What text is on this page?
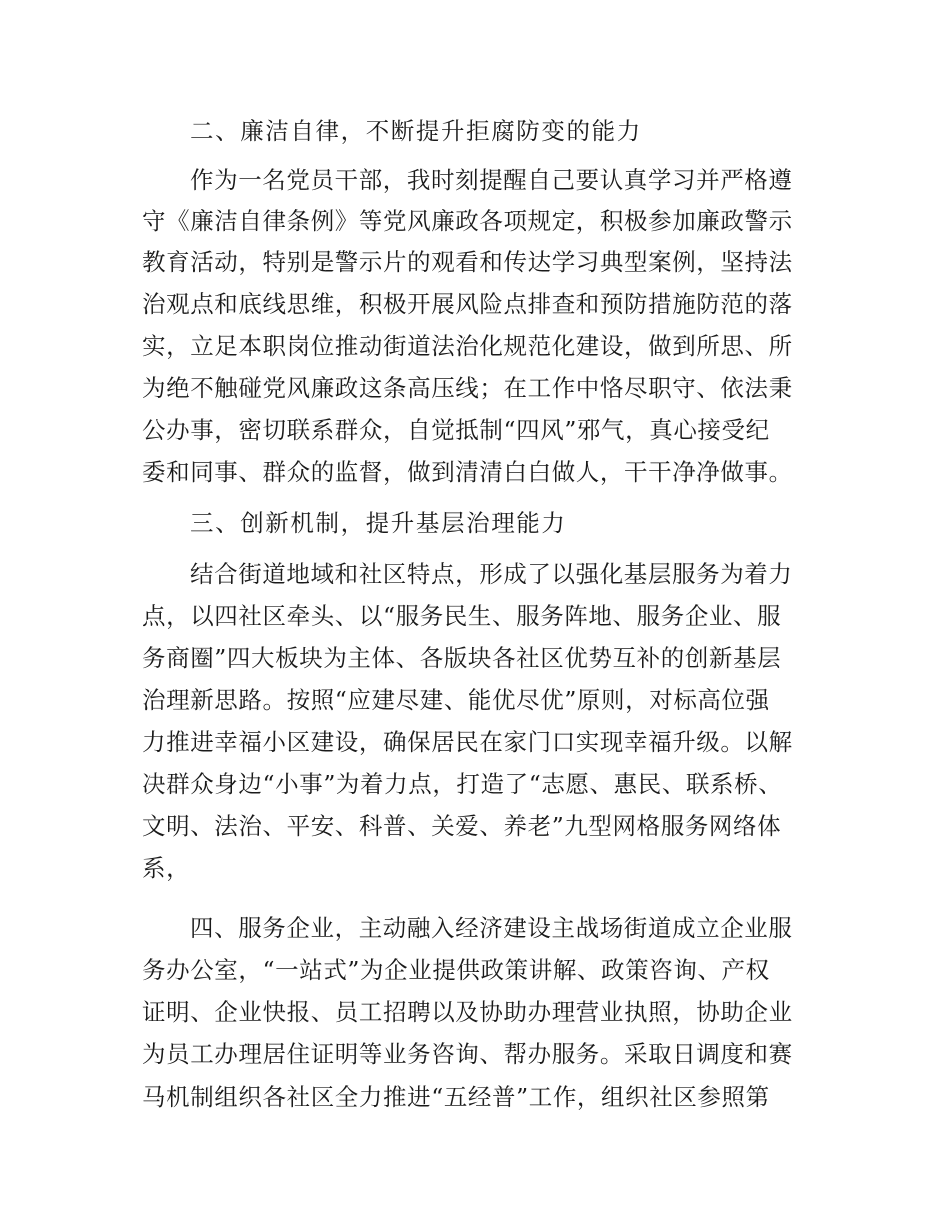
二、廉洁自律，不断提升拒腐防变的能力

作为一名党员干部，我时刻提醒自己要认真学习并严格遵

守《廉洁自律条例》等党风廉政各项规定，积极参加廉政警示

教育活动，特别是警示片的观看和传达学习典型案例，坚持法

治观点和底线思维，积极开展风险点排查和预防措施防范的落

实，立足本职岗位推动街道法治化规范化建设，做到所思、所

为绝不触碰党风廉政这条高压线；在工作中恪尽职守、依法秉

公办事，密切联系群众，自觉抵制“四风”邪气，真心接受纪

委和同事、群众的监督，做到清清白白做人，干干净净做事。

三、创新机制，提升基层治理能力

结合街道地域和社区特点，形成了以强化基层服务为着力

点，以四社区牵头、以“服务民生、服务阵地、服务企业、服

务商圈”四大板块为主体、各版块各社区优势互补的创新基层

治理新思路。按照“应建尽建、能优尽优”原则，对标高位强

力推进幸福小区建设，确保居民在家门口实现幸福升级。以解

决群众身边“小事”为着力点，打造了“志愿、惠民、联系桥、

文明、法治、平安、科普、关爱、养老”九型网格服务网络体

系，

四、服务企业，主动融入经济建设主战场街道成立企业服

务办公室，“一站式”为企业提供政策讲解、政策咨询、产权

证明、企业快报、员工招聘以及协助办理营业执照，协助企业

为员工办理居住证明等业务咨询、帮办服务。采取日调度和赛

马机制组织各社区全力推进“五经普”工作，组织社区参照第
